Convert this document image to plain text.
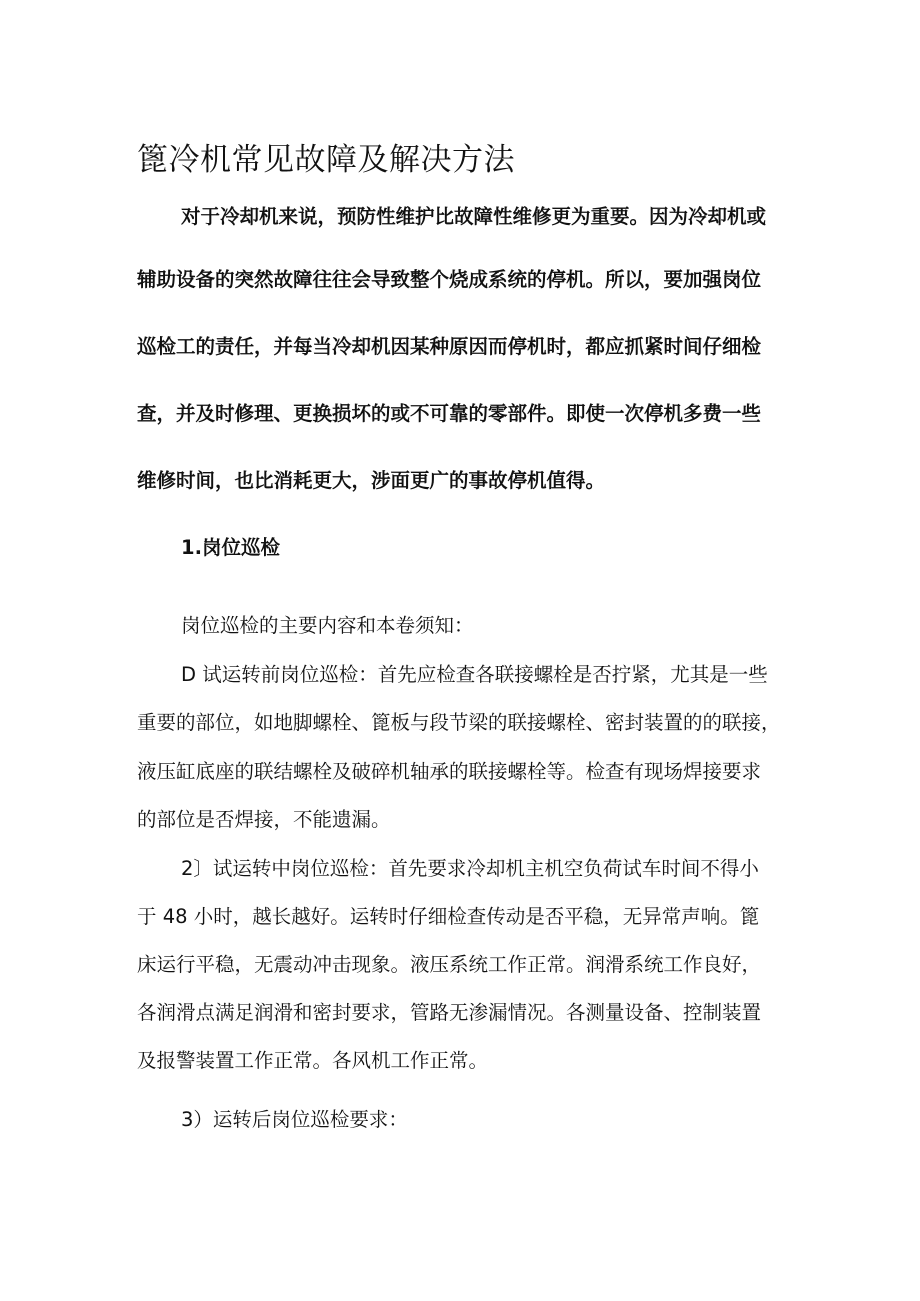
篦冷机常见故障及解决方法

对于冷却机来说，预防性维护比故障性维修更为重要。因为冷却机或

辅助设备的突然故障往往会导致整个烧成系统的停机。所以，要加强岗位

巡检工的责任，并每当冷却机因某种原因而停机时，都应抓紧时间仔细检

查，并及时修理、更换损坏的或不可靠的零部件。即使一次停机多费一些

维修时间，也比消耗更大，涉面更广的事故停机值得。

1.岗位巡检

岗位巡检的主要内容和本卷须知：

D 试运转前岗位巡检：首先应检查各联接螺栓是否拧紧，尤其是一些

重要的部位，如地脚螺栓、篦板与段节梁的联接螺栓、密封装置的的联接，

液压缸底座的联结螺栓及破碎机轴承的联接螺栓等。检查有现场焊接要求

的部位是否焊接，不能遗漏。

2〕试运转中岗位巡检：首先要求冷却机主机空负荷试车时间不得小

于 48 小时，越长越好。运转时仔细检查传动是否平稳，无异常声响。篦

床运行平稳，无震动冲击现象。液压系统工作正常。润滑系统工作良好，

各润滑点满足润滑和密封要求，管路无渗漏情况。各测量设备、控制装置

及报警装置工作正常。各风机工作正常。

3）运转后岗位巡检要求：
